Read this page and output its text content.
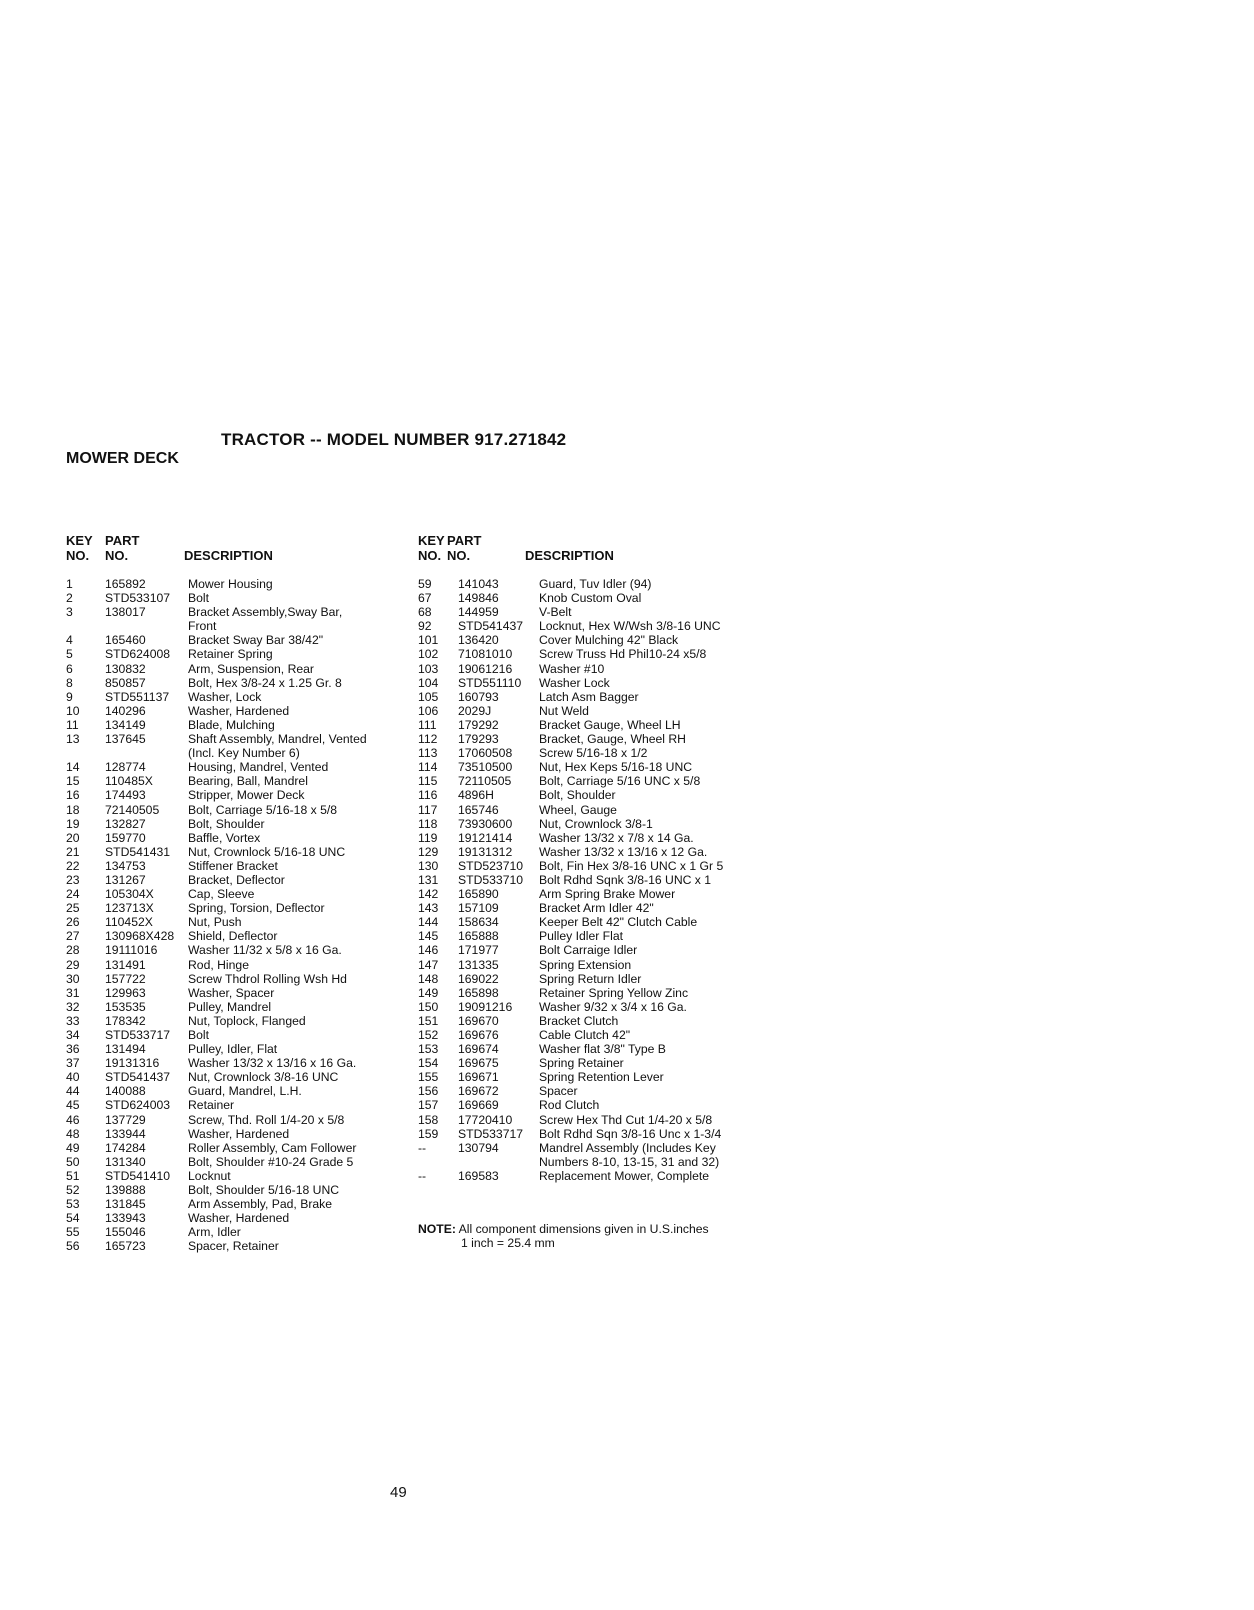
TRACTOR -- MODEL NUMBER 917.271842
MOWER DECK
KEY
NO.
PART
NO.	DESCRIPTION
1	165892	Mower Housing
2	STD533107 Bolt
3	138017	Bracket Assembly,Sway Bar,
Front
4	165460	Bracket Sway Bar 38/42"
5	STD624008 Retainer Spring
6	130832	Arm, Suspension, Rear
8	850857	Bolt, Hex 3/8-24 x 1.25 Gr. 8
9	STD551137 Washer, Lock
10 140296	Washer, Hardened
11 134149	Blade, Mulching
13 137645	Shaft Assembly, Mandrel, Vented
(Incl. Key Number 6)
14 128774	Housing, Mandrel, Vented
15 110485X	Bearing, Ball, Mandrel
16 174493	Stripper, Mower Deck
18 72140505 Bolt, Carriage 5/16-18 x 5/8
19 132827	Bolt, Shoulder
20 159770	Baffle, Vortex
21 STD541431 Nut, Crownlock 5/16-18 UNC
22 134753	Stiffener Bracket
23 131267	Bracket, Deflector
24 105304X	Cap, Sleeve
25 123713X	Spring, Torsion, Deflector
26 110452X	Nut, Push
27 130968X428 Shield, Deflector
28 19111016	Washer 11/32 x 5/8 x 16 Ga.
29 131491	Rod, Hinge
30 157722	Screw Thdrol Rolling Wsh Hd
31 129963	Washer, Spacer
32 153535	Pulley, Mandrel
33 178342	Nut, Toplock, Flanged
34 STD533717 Bolt
36 131494	Pulley, Idler, Flat
37 19131316 Washer 13/32 x 13/16 x 16 Ga.
40 STD541437 Nut, Crownlock 3/8-16 UNC
44 140088	Guard, Mandrel, L.H.
45 STD624003 Retainer
46 137729	Screw, Thd. Roll 1/4-20 x 5/8
48 133944	Washer, Hardened
49 174284	Roller Assembly, Cam Follower
50 131340	Bolt, Shoulder #10-24 Grade 5
51 STD541410 Locknut
52 139888	Bolt, Shoulder 5/16-18 UNC
53 131845	Arm Assembly, Pad, Brake
54 133943	Washer, Hardened
55 155046	Arm, Idler
56 165723	Spacer, Retainer
KEY
NO.
PART
NO.	DESCRIPTION
59 141043	Guard, Tuv Idler (94)
67 149846	Knob Custom Oval
68 144959	V-Belt
92 STD541437 Locknut, Hex W/Wsh 3/8-16 UNC
101 136420	Cover Mulching 42" Black
102 71081010 Screw Truss Hd Phil10-24 x5/8
103 19061216 Washer #10
104 STD551110 Washer Lock
105 160793	Latch Asm Bagger
106 2029J	Nut Weld
111 179292	Bracket Gauge, Wheel LH
112 179293	Bracket, Gauge, Wheel RH
113 17060508 Screw 5/16-18 x 1/2
114 73510500 Nut, Hex Keps 5/16-18 UNC
115 72110505 Bolt, Carriage 5/16 UNC x 5/8
116 4896H	Bolt, Shoulder
117 165746	Wheel, Gauge
118 73930600 Nut, Crownlock 3/8-1
119 19121414 Washer 13/32 x 7/8 x 14 Ga.
129 19131312 Washer 13/32 x 13/16 x 12 Ga.
130 STD523710 Bolt, Fin Hex 3/8-16 UNC x 1 Gr 5
131 STD533710 Bolt Rdhd Sqnk 3/8-16 UNC x 1
142 165890	Arm Spring Brake Mower
143 157109	Bracket Arm Idler 42"
144 158634	Keeper Belt 42" Clutch Cable
145 165888	Pulley Idler Flat
146 171977	Bolt Carraige Idler
147 131335	Spring Extension
148 169022	Spring Return Idler
149 165898	Retainer Spring Yellow Zinc
150 19091216 Washer 9/32 x 3/4 x 16 Ga.
151 169670	Bracket Clutch
152 169676	Cable Clutch 42"
153 169674	Washer flat 3/8" Type B
154 169675	Spring Retainer
155 169671	Spring Retention Lever
156 169672	Spacer
157 169669	Rod Clutch
158 17720410 Screw Hex Thd Cut 1/4-20 x 5/8
159 STD533717 Bolt Rdhd Sqn 3/8-16 Unc x 1-3/4
--	130794	Mandrel Assembly (Includes Key
Numbers 8-10, 13-15, 31 and 32)
--	169583	Replacement Mower, Complete
NOTE: All component dimensions given in U.S.inches
1 inch = 25.4 mm
49
